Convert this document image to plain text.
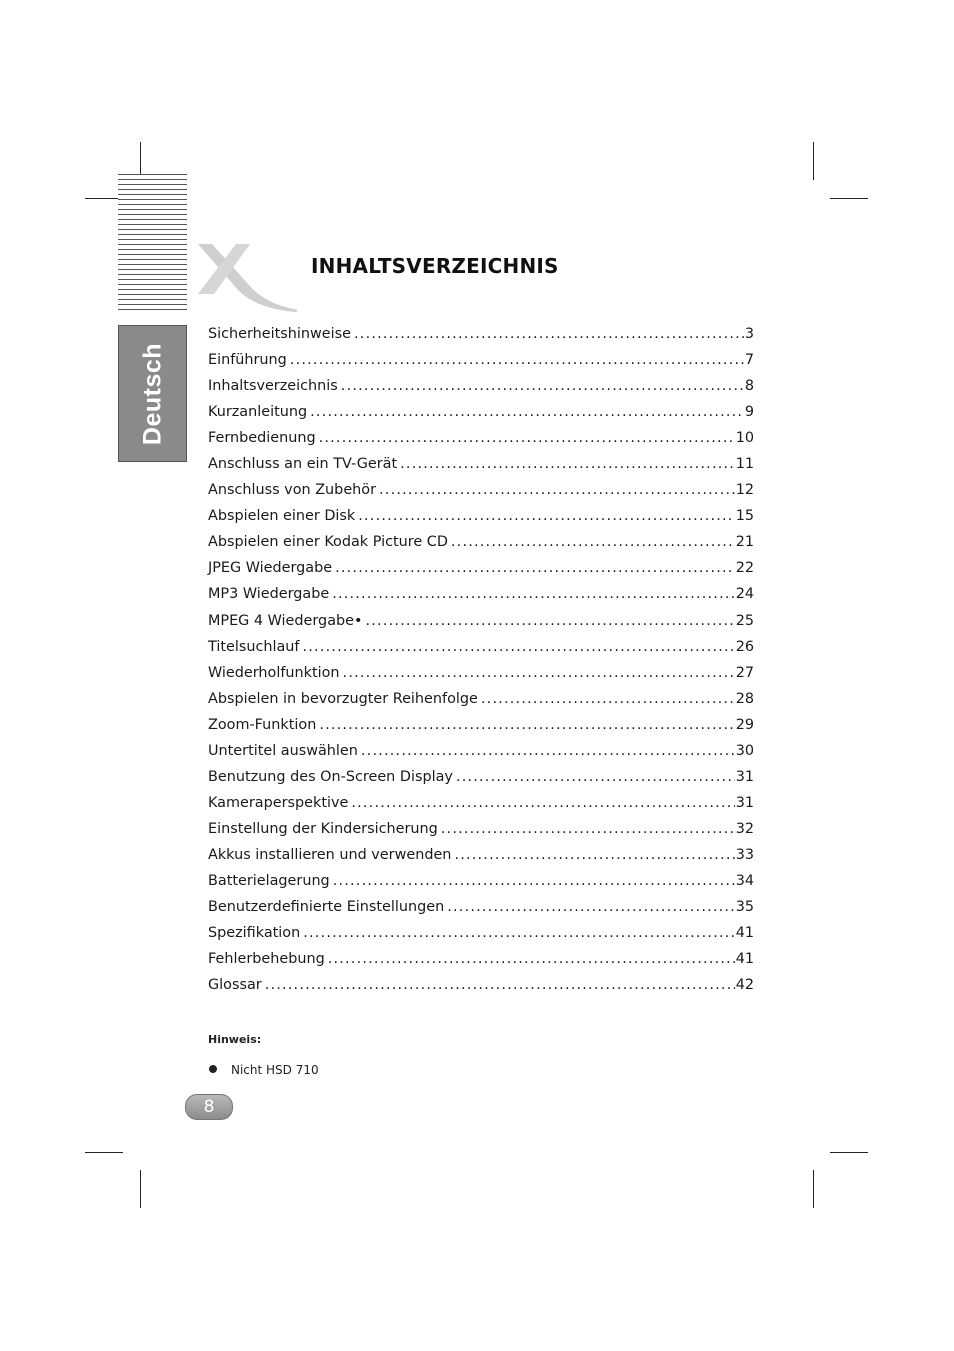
Deutsch
INHALTSVERZEICHNIS
Sicherheitshinweise .....	3
Einführung .....	7
Inhaltsverzeichnis .....	8
Kurzanleitung .....	9
Fernbedienung .....	10
Anschluss an ein TV-Gerät .....	11
Anschluss von Zubehör .....	12
Abspielen einer Disk .....	15
Abspielen einer Kodak Picture CD .....	21
JPEG Wiedergabe .....	22
MP3 Wiedergabe .....	24
MPEG 4 Wiedergabe• .....	25
Titelsuchlauf .....	26
Wiederholfunktion .....	27
Abspielen in bevorzugter Reihenfolge .....	28
Zoom-Funktion .....	29
Untertitel auswählen .....	30
Benutzung des On-Screen Display .....	31
Kameraperspektive .....	31
Einstellung der Kindersicherung .....	32
Akkus installieren und verwenden .....	33
Batterielagerung .....	34
Benutzerdefinierte Einstellungen .....	35
Spezifikation .....	41
Fehlerbehebung .....	41
Glossar .....	42
Hinweis:
Nicht HSD 710
8
